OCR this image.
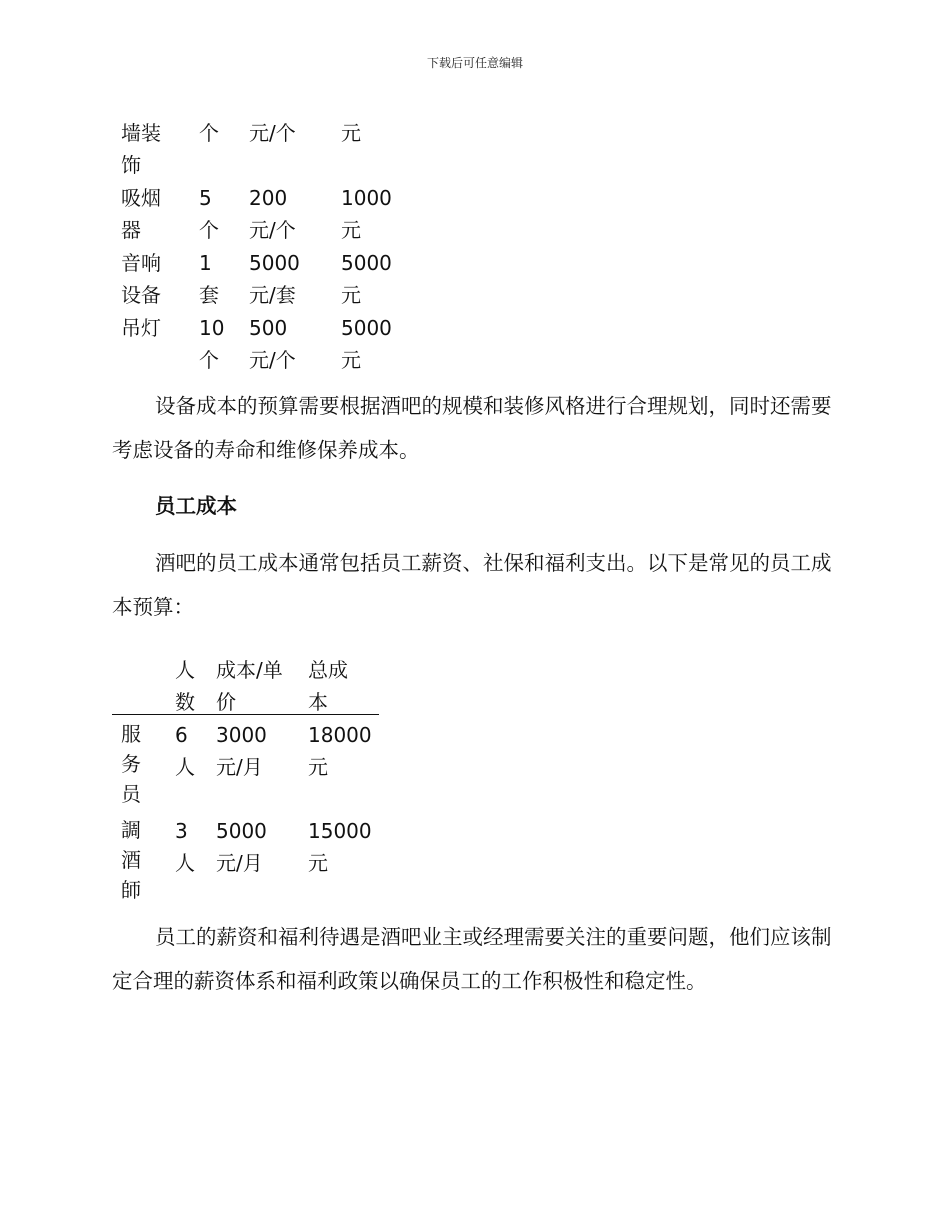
下载后可任意编辑
墙装
饰
个 元/个 元
吸烟
器
5
个
200
元/个
1000
元
音响
设备
1
套
5000
元/套
5000
元
吊灯 10
个
500
元/个
5000
元

设备成本的预算需要根据酒吧的规模和装修风格进行合理规划，同时还需要考虑设备的寿命和维修保养成本。

员工成本

酒吧的员工成本通常包括员工薪资、社保和福利支出。以下是常见的员工成本预算：

人
数
成本/单
价
总成
本
服
务
员
6
人
3000
元/月
18000
元
調
酒
師
3
人
5000
元/月
15000
元

员工的薪资和福利待遇是酒吧业主或经理需要关注的重要问题，他们应该制定合理的薪资体系和福利政策以确保员工的工作积极性和稳定性。
